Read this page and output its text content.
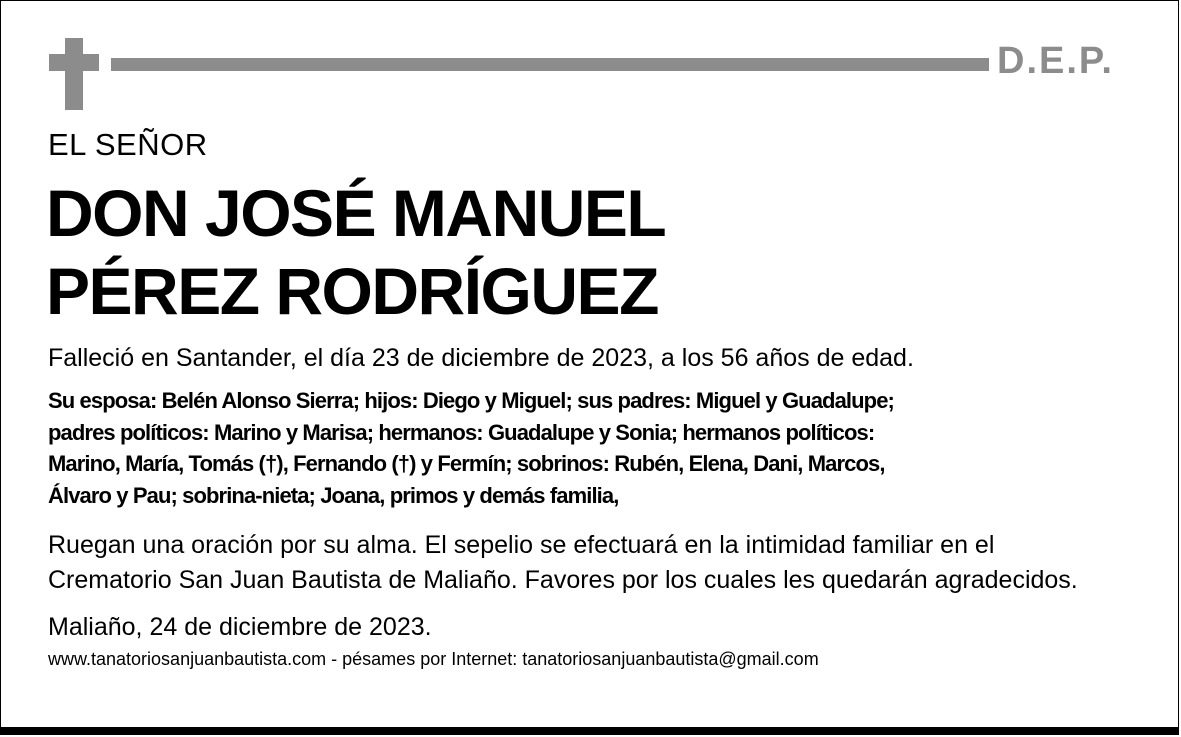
D.E.P.
EL SEÑOR
DON JOSÉ MANUEL
PÉREZ RODRÍGUEZ
Falleció en Santander, el día 23 de diciembre de 2023, a los 56 años de edad.
Su esposa: Belén Alonso Sierra; hijos: Diego y Miguel; sus padres: Miguel y Guadalupe;
padres políticos: Marino y Marisa; hermanos: Guadalupe y Sonia; hermanos políticos:
Marino, María, Tomás (†), Fernando (†) y Fermín; sobrinos: Rubén, Elena, Dani, Marcos,
Álvaro y Pau; sobrina-nieta; Joana, primos y demás familia,
Ruegan una oración por su alma. El sepelio se efectuará en la intimidad familiar en el
Crematorio San Juan Bautista de Maliaño. Favores por los cuales les quedarán agradecidos.
Maliaño, 24 de diciembre de 2023.
www.tanatoriosanjuanbautista.com - pésames por Internet: tanatoriosanjuanbautista@gmail.com
